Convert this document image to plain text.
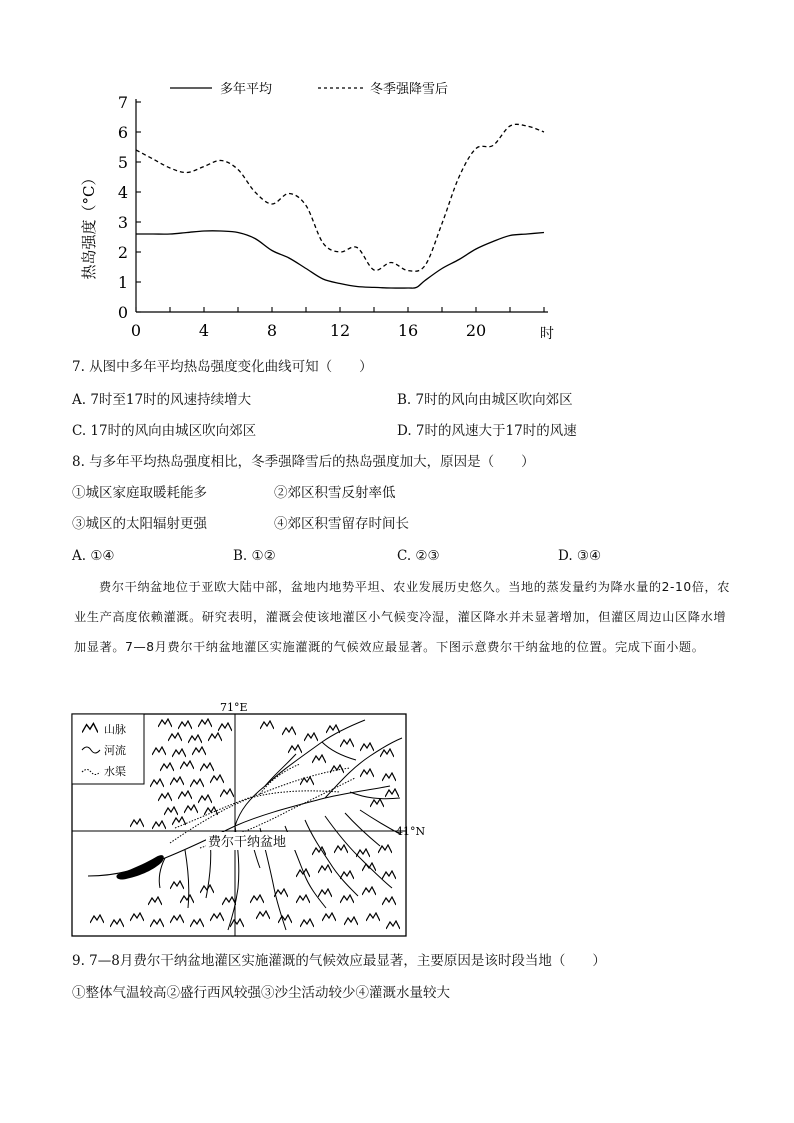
多年平均	冬季强降雪后
0
1
2
3
4
5
6
7
0	4	8	12	16	20	时
热岛强度（°C）
7. 从图中多年平均热岛强度变化曲线可知（　　）
A. 7时至17时的风速持续增大	B. 7时的风向由城区吹向郊区
C. 17时的风向由城区吹向郊区	D. 7时的风速大于17时的风速
8. 与多年平均热岛强度相比，冬季强降雪后的热岛强度加大，原因是（　　）
①城区家庭取暖耗能多	②郊区积雪反射率低
③城区的太阳辐射更强	④郊区积雪留存时间长
A. ①④	B. ①②	C. ②③	D. ③④
费尔干纳盆地位于亚欧大陆中部，盆地内地势平坦、农业发展历史悠久。当地的蒸发量约为降水量的2-10倍，农业生产高度依赖灌溉。研究表明，灌溉会使该地灌区小气候变冷湿，灌区降水并未显著增加，但灌区周边山区降水增加显著。7—8月费尔干纳盆地灌区实施灌溉的气候效应最显著。下图示意费尔干纳盆地的位置。完成下面小题。
71°E
41°N
山脉
河流
水渠
费尔干纳盆地
9. 7—8月费尔干纳盆地灌区实施灌溉的气候效应最显著，主要原因是该时段当地（　　）
①整体气温较高②盛行西风较强③沙尘活动较少④灌溉水量较大
